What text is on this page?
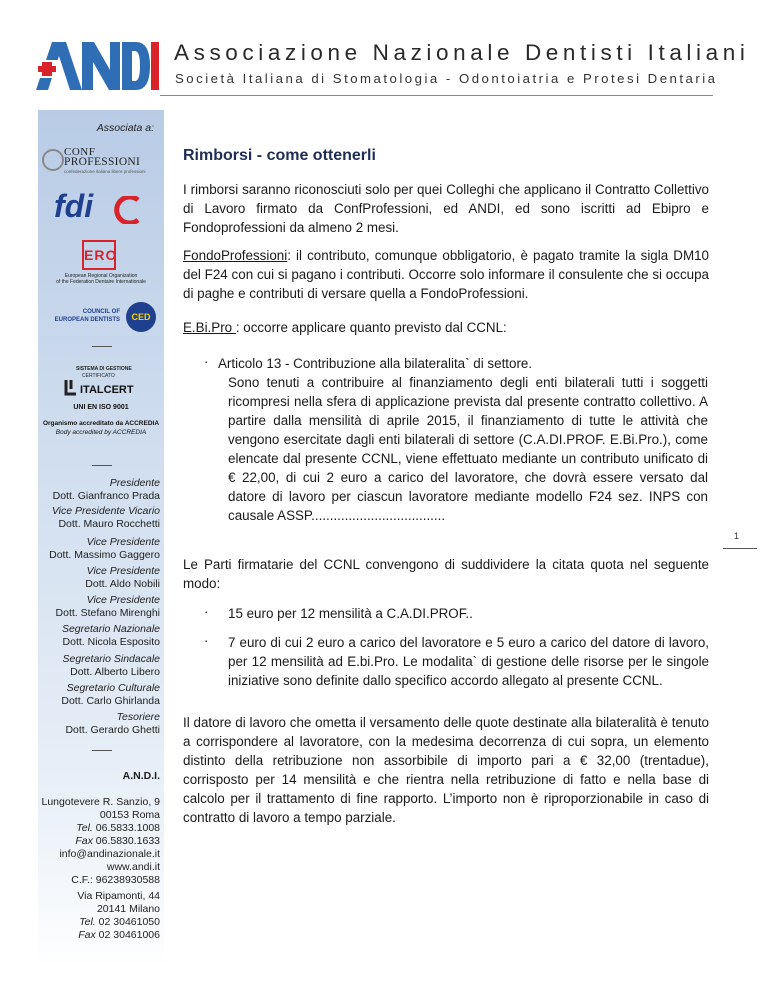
Associazione Nazionale Dentisti Italiani
Società Italiana di Stomatologia - Odontoiatria e Protesi Dentaria
Associata a:
CONF
PROFESSIONI
confederazione italiana libere professioni
fdi
ERO
European Regional Organization
of the Federation Dentaire Internationale
COUNCIL OF
EUROPEAN DENTISTS	CED
SISTEMA DI GESTIONE
CERTIFICATO
ITALCERT
UNI EN ISO 9001
Organismo accreditato da ACCREDIA
Body accredited by ACCREDIA
Presidente
Dott. Gianfranco Prada
Vice Presidente Vicario
Dott. Mauro Rocchetti
Vice Presidente
Dott. Massimo Gaggero
Vice Presidente
Dott. Aldo Nobili
Vice Presidente
Dott. Stefano Mirenghi
Segretario Nazionale
Dott. Nicola Esposito
Segretario Sindacale
Dott. Alberto Libero
Segretario Culturale
Dott. Carlo Ghirlanda
Tesoriere
Dott. Gerardo Ghetti
A.N.D.I.
Lungotevere R. Sanzio, 9
00153 Roma
Tel. 06.5833.1008
Fax 06.5830.1633
info@andinazionale.it
www.andi.it
C.F.: 96238930588
Via Ripamonti, 44
20141 Milano
Tel. 02 30461050
Fax 02 30461006
Rimborsi - come ottenerli
I rimborsi saranno riconosciuti solo per quei Colleghi che applicano il Contratto Collettivo di Lavoro firmato da ConfProfessioni, ed ANDI, ed sono iscritti ad Ebipro e Fondoprofessioni da almeno 2 mesi.
FondoProfessioni: il contributo, comunque obbligatorio, è pagato tramite la sigla DM10 del F24 con cui si pagano i contributi. Occorre solo informare il consulente che si occupa di paghe e contributi di versare quella a FondoProfessioni.
E.Bi.Pro : occorre applicare quanto previsto dal CCNL:
· Articolo 13 - Contribuzione alla bilateralita` di settore.
Sono tenuti a contribuire al finanziamento degli enti bilaterali tutti i soggetti ricompresi nella sfera di applicazione prevista dal presente contratto collettivo. A partire dalla mensilità di aprile 2015, il finanziamento di tutte le attività che vengono esercitate dagli enti bilaterali di settore (C.A.DI.PROF. E.Bi.Pro.), come elencate dal presente CCNL, viene effettuato mediante un contributo unificato di € 22,00, di cui 2 euro a carico del lavoratore, che dovrà essere versato dal datore di lavoro per ciascun lavoratore mediante modello F24 sez. INPS con causale ASSP....................................
1
Le Parti firmatarie del CCNL convengono di suddividere la citata quota nel seguente modo:
· 15 euro per 12 mensilità a C.A.DI.PROF..
· 7 euro di cui 2 euro a carico del lavoratore e 5 euro a carico del datore di lavoro, per 12 mensilità ad E.bi.Pro. Le modalita` di gestione delle risorse per le singole iniziative sono definite dallo specifico accordo allegato al presente CCNL.
Il datore di lavoro che ometta il versamento delle quote destinate alla bilateralità è tenuto a corrispondere al lavoratore, con la medesima decorrenza di cui sopra, un elemento distinto della retribuzione non assorbibile di importo pari a € 32,00 (trentadue), corrisposto per 14 mensilità e che rientra nella retribuzione di fatto e nella base di calcolo per il trattamento di fine rapporto. L’importo non è riproporzionabile in caso di contratto di lavoro a tempo parziale.
